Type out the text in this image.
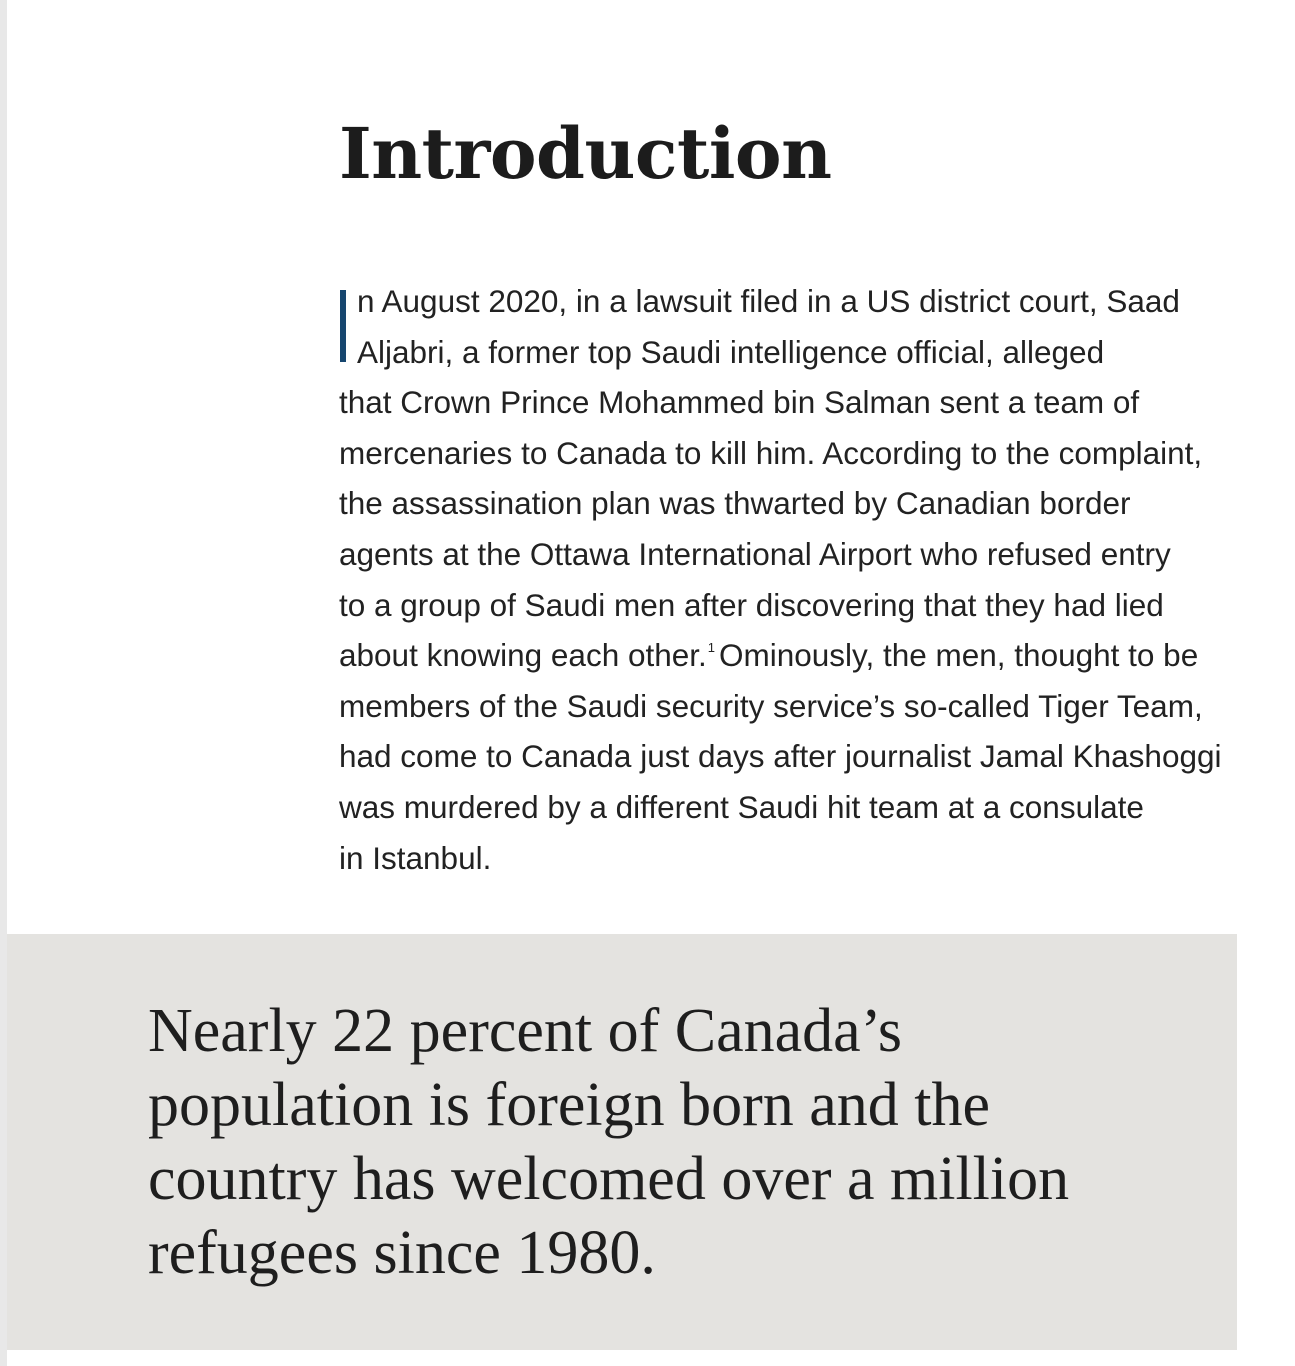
Introduction

n August 2020, in a lawsuit filed in a US district court, Saad
Aljabri, a former top Saudi intelligence official, alleged
that Crown Prince Mohammed bin Salman sent a team of
mercenaries to Canada to kill him. According to the complaint,
the assassination plan was thwarted by Canadian border
agents at the Ottawa International Airport who refused entry
to a group of Saudi men after discovering that they had lied
about knowing each other.$^1$ Ominously, the men, thought to be
members of the Saudi security service’s so-called Tiger Team,
had come to Canada just days after journalist Jamal Khashoggi
was murdered by a different Saudi hit team at a consulate
in Istanbul.

Nearly 22 percent of Canada’s
population is foreign born and the
country has welcomed over a million
refugees since 1980.
